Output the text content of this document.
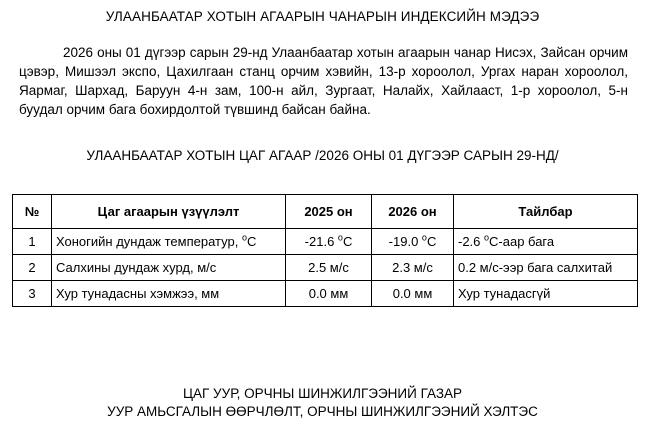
УЛААНБААТАР ХОТЫН АГААРЫН ЧАНАРЫН ИНДЕКСИЙН МЭДЭЭ
2026 оны 01 дүгээр сарын 29-нд Улаанбаатар хотын агаарын чанар Нисэх, Зайсан орчим цэвэр, Мишээл экспо, Цахилгаан станц орчим хэвийн, 13-р хороолол, Ургах наран хороолол, Яармаг, Шархад, Баруун 4-н зам, 100-н айл, Зургаат, Налайх, Хайлааст, 1-р хороолол, 5-н буудал орчим бага бохирдолтой түвшинд байсан байна.
УЛААНБААТАР ХОТЫН ЦАГ АГААР /2026 ОНЫ 01 ДҮГЭЭР САРЫН 29-НД/
№	Цаг агаарын үзүүлэлт	2025 он	2026 он	Тайлбар
1	Хоногийн дундаж температур, $^о$C	-21.6 $^о$C	-19.0 $^о$C	-2.6 $^о$С-аар бага
2	Салхины дундаж хурд, м/с	2.5 м/с	2.3 м/с	0.2 м/с-ээр бага салхитай
3	Хур тунадасны хэмжээ, мм	0.0 мм	0.0 мм	Хур тунадасгүй
ЦАГ УУР, ОРЧНЫ ШИНЖИЛГЭЭНИЙ ГАЗАР
УУР АМЬСГАЛЫН ӨӨРЧЛӨЛТ, ОРЧНЫ ШИНЖИЛГЭЭНИЙ ХЭЛТЭС
